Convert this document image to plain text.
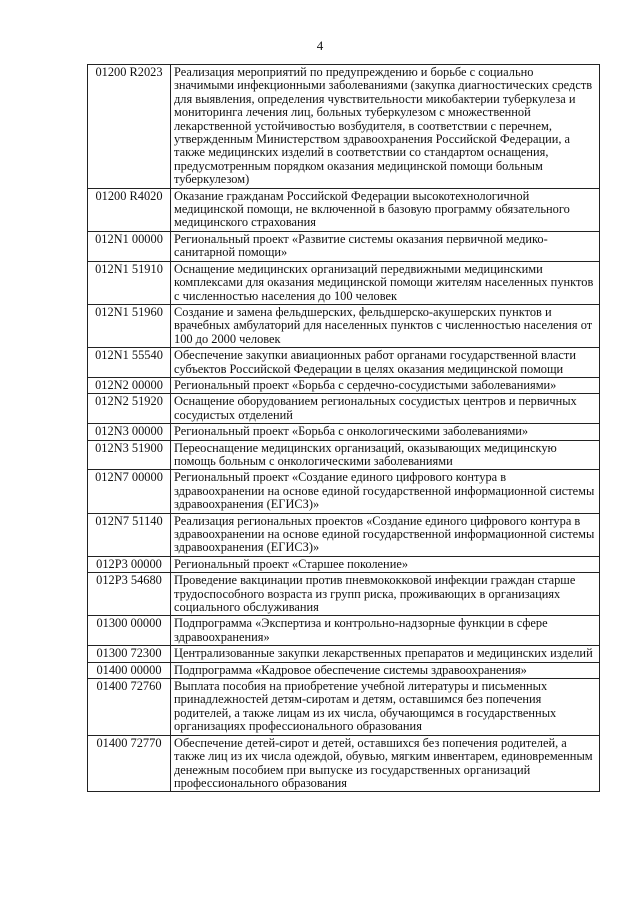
4
01200 R2023	Реализация мероприятий по предупреждению и борьбе с социально значимыми инфекционными заболеваниями (закупка диагностических средств для выявления, определения чувствительности микобактерии туберкулеза и мониторинга лечения лиц, больных туберкулезом с множественной лекарственной устойчивостью возбудителя, в соответствии с перечнем, утвержденным Министерством здравоохранения Российской Федерации, а также медицинских изделий в соответствии со стандартом оснащения, предусмотренным порядком оказания медицинской помощи больным туберкулезом)
01200 R4020	Оказание гражданам Российской Федерации высокотехнологичной медицинской помощи, не включенной в базовую программу обязательного медицинского страхования
012N1 00000	Региональный проект «Развитие системы оказания первичной медико-санитарной помощи»
012N1 51910	Оснащение медицинских организаций передвижными медицинскими комплексами для оказания медицинской помощи жителям населенных пунктов с численностью населения до 100 человек
012N1 51960	Создание и замена фельдшерских, фельдшерско-акушерских пунктов и врачебных амбулаторий для населенных пунктов с численностью населения от 100 до 2000 человек
012N1 55540	Обеспечение закупки авиационных работ органами государственной власти субъектов Российской Федерации в целях оказания медицинской помощи
012N2 00000	Региональный проект «Борьба с сердечно-сосудистыми заболеваниями»
012N2 51920	Оснащение оборудованием региональных сосудистых центров и первичных сосудистых отделений
012N3 00000	Региональный проект «Борьба с онкологическими заболеваниями»
012N3 51900	Переоснащение медицинских организаций, оказывающих медицинскую помощь больным с онкологическими заболеваниями
012N7 00000	Региональный проект «Создание единого цифрового контура в здравоохранении на основе единой государственной информационной системы здравоохранения (ЕГИСЗ)»
012N7 51140	Реализация региональных проектов «Создание единого цифрового контура в здравоохранении на основе единой государственной информационной системы здравоохранения (ЕГИСЗ)»
012P3 00000	Региональный проект «Старшее поколение»
012P3 54680	Проведение вакцинации против пневмококковой инфекции граждан старше трудоспособного возраста из групп риска, проживающих в организациях социального обслуживания
01300 00000	Подпрограмма «Экспертиза и контрольно-надзорные функции в сфере здравоохранения»
01300 72300	Централизованные закупки лекарственных препаратов и медицинских изделий
01400 00000	Подпрограмма «Кадровое обеспечение системы здравоохранения»
01400 72760	Выплата пособия на приобретение учебной литературы и письменных принадлежностей детям-сиротам и детям, оставшимся без попечения родителей, а также лицам из их числа, обучающимся в государственных организациях профессионального образования
01400 72770	Обеспечение детей-сирот и детей, оставшихся без попечения родителей, а также лиц из их числа одеждой, обувью, мягким инвентарем, единовременным денежным пособием при выпуске из государственных организаций профессионального образования
